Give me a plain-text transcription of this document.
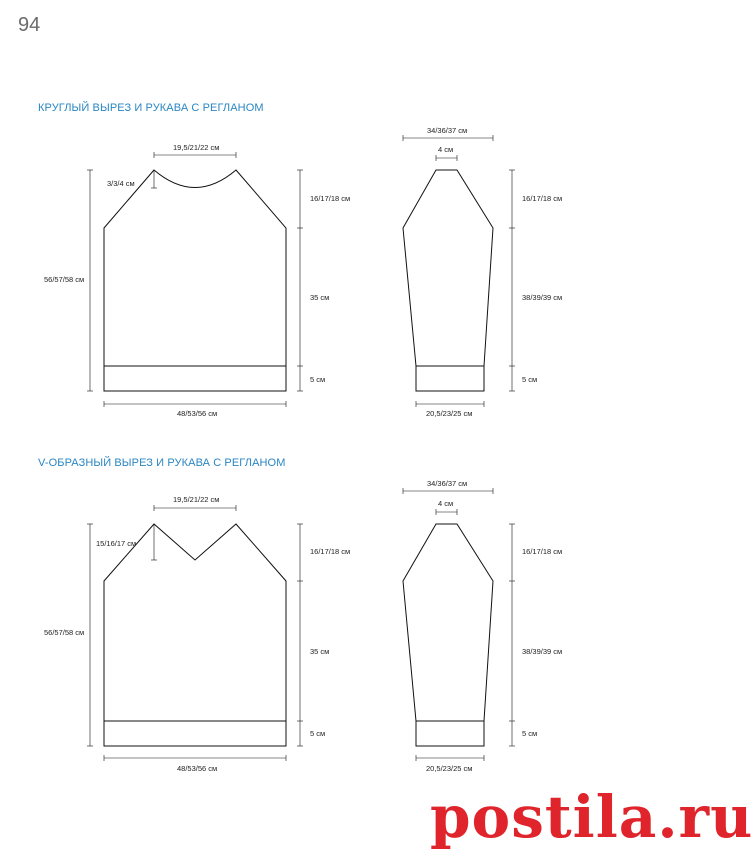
94
КРУГЛЫЙ ВЫРЕЗ И РУКАВА С РЕГЛАНОМ
V-ОБРАЗНЫЙ ВЫРЕЗ И РУКАВА С РЕГЛАНОМ
19,5/21/22 см
3/3/4 см
56/57/58 см
16/17/18 см
35 см
5 см
48/53/56 см
34/36/37 см
4 см
16/17/18 см
38/39/39 см
5 см
20,5/23/25 см
19,5/21/22 см
15/16/17 см
56/57/58 см
16/17/18 см
35 см
5 см
48/53/56 см
34/36/37 см
4 см
16/17/18 см
38/39/39 см
5 см
20,5/23/25 см
postila.ru
